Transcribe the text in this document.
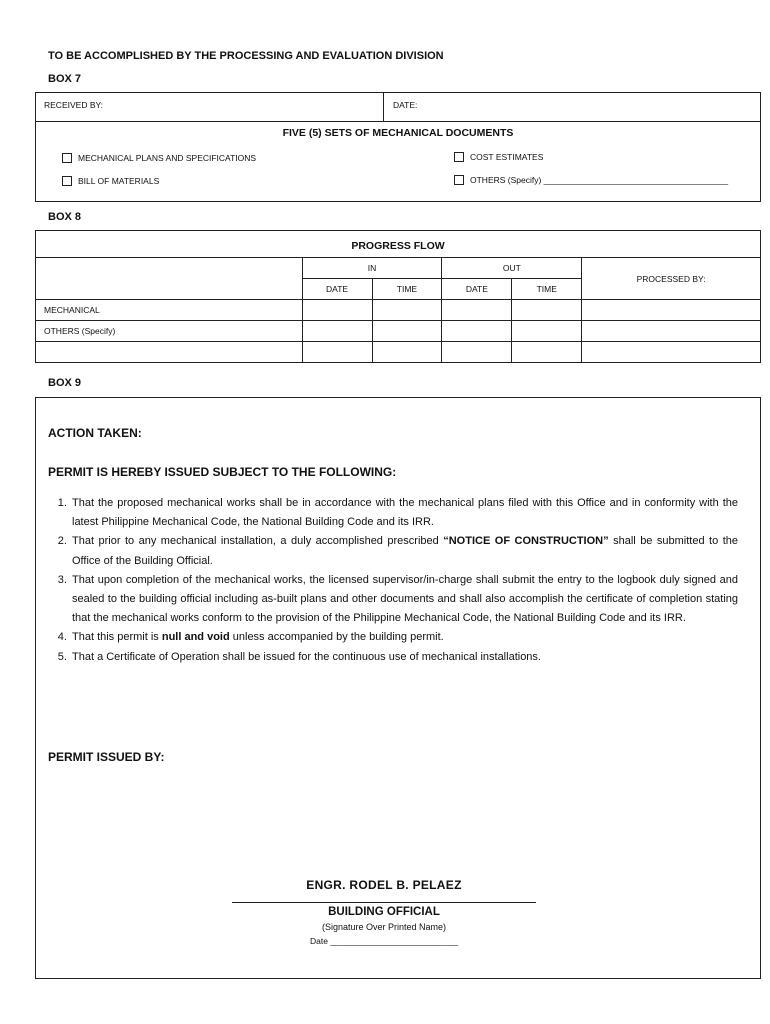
TO BE ACCOMPLISHED BY THE PROCESSING AND EVALUATION DIVISION
BOX 7
RECEIVED BY:	DATE:
FIVE (5) SETS OF MECHANICAL DOCUMENTS
MECHANICAL PLANS AND SPECIFICATIONS
BILL OF MATERIALS
COST ESTIMATES
OTHERS (Specify) _______________________________________
BOX 8
PROGRESS FLOW
	IN		OUT		PROCESSED BY:
	DATE	TIME	DATE	TIME	
MECHANICAL					
OTHERS (Specify)					

BOX 9
ACTION TAKEN:
PERMIT IS HEREBY ISSUED SUBJECT TO THE FOLLOWING:
1. That the proposed mechanical works shall be in accordance with the mechanical plans filed with this Office and in conformity with the latest Philippine Mechanical Code, the National Building Code and its IRR.
2. That prior to any mechanical installation, a duly accomplished prescribed “NOTICE OF CONSTRUCTION” shall be submitted to the Office of the Building Official.
3. That upon completion of the mechanical works, the licensed supervisor/in-charge shall submit the entry to the logbook duly signed and sealed to the building official including as-built plans and other documents and shall also accomplish the certificate of completion stating that the mechanical works conform to the provision of the Philippine Mechanical Code, the National Building Code and its IRR.
4. That this permit is null and void unless accompanied by the building permit.
5. That a Certificate of Operation shall be issued for the continuous use of mechanical installations.
PERMIT ISSUED BY:
ENGR. RODEL B. PELAEZ
BUILDING OFFICIAL
(Signature Over Printed Name)
Date ___________________________
